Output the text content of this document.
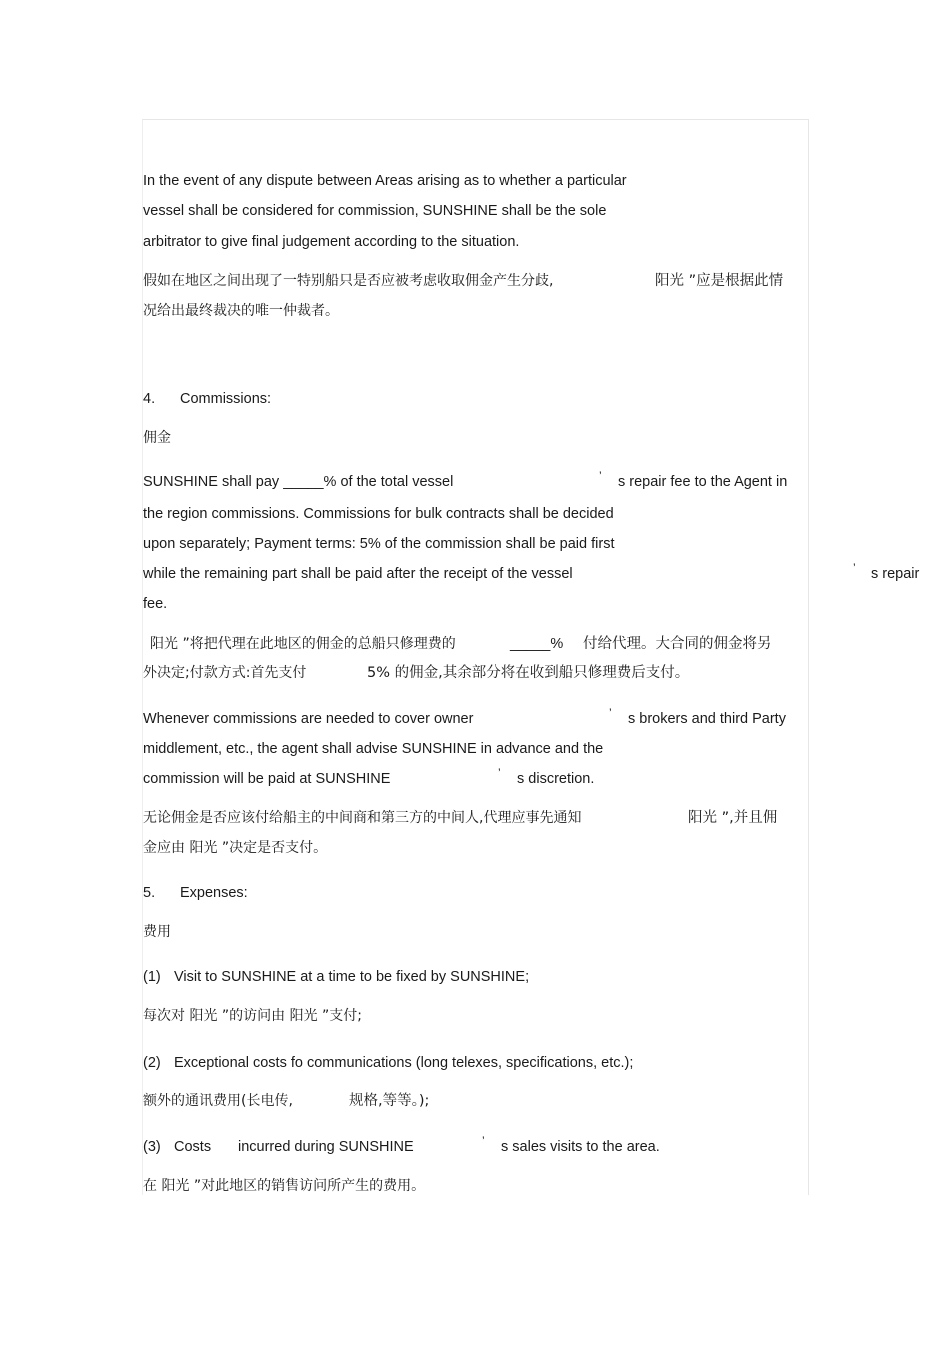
In the event of any dispute between Areas arising as to whether a particular
vessel shall be considered for commission, SUNSHINE shall be the sole
arbitrator to give final judgement according to the situation.
假如在地区之间出现了一特别船只是否应被考虑收取佣金产生分歧,	阳光 ”应是根据此情
况给出最终裁决的唯一仲裁者。
4. Commissions:
佣金
SUNSHINE shall pay _____% of the total vessel	’ s repair fee to the Agent in
the region commissions. Commissions for bulk contracts shall be decided
upon separately; Payment terms: 5% of the commission shall be paid first
while the remaining part shall be paid after the receipt of the vessel	’ s repair
fee.
阳光 ”将把代理在此地区的佣金的总船只修理费的	_____% 付给代理。大合同的佣金将另
外决定;付款方式:首先支付	5% 的佣金,其余部分将在收到船只修理费后支付。
Whenever commissions are needed to cover owner	’ s brokers and third Party
middlement, etc., the agent shall advise SUNSHINE in advance and the
commission will be paid at SUNSHINE	’ s discretion.
无论佣金是否应该付给船主的中间商和第三方的中间人,代理应事先通知	阳光 ”,并且佣
金应由 阳光 ”决定是否支付。
5. Expenses:
费用
(1) Visit to SUNSHINE at a time to be fixed by SUNSHINE;
每次对 阳光 ”的访问由 阳光 ”支付;
(2) Exceptional costs fo communications (long telexes, specifications, etc.);
额外的通讯费用(长电传,	规格,等等。);
(3) Costs incurred during SUNSHINE	’ s sales visits to the area.
在 阳光 ”对此地区的销售访问所产生的费用。
